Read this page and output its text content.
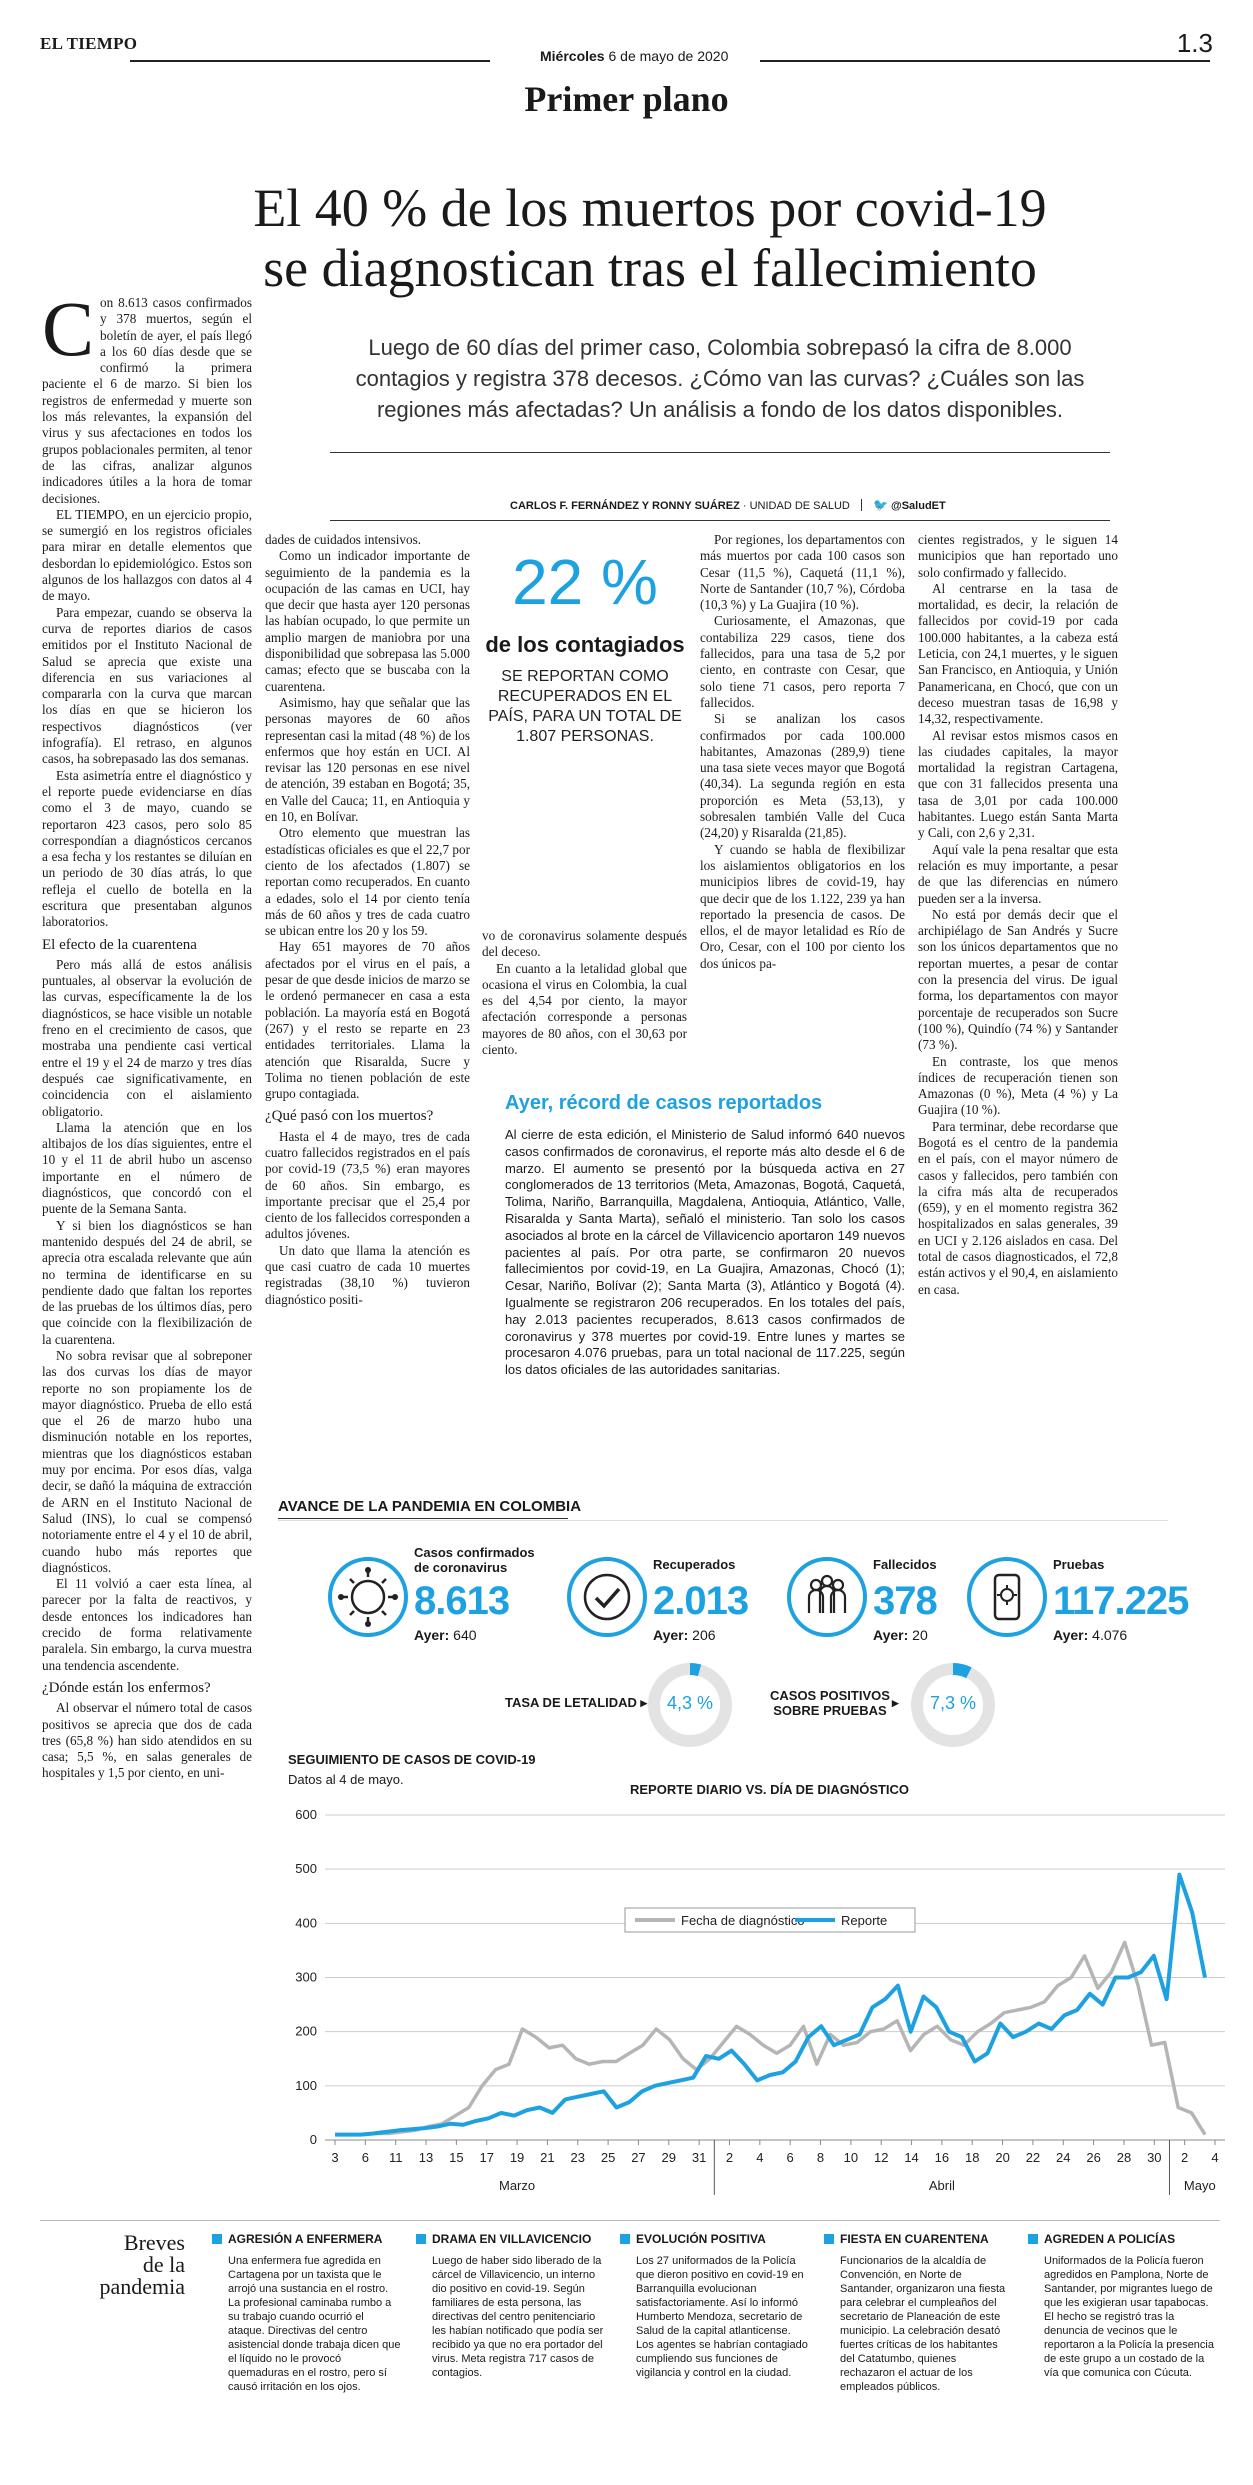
EL TIEMPO
Miércoles 6 de mayo de 2020	1.3
Primer plano
El 40 % de los muertos por covid-19
se diagnostican tras el fallecimiento
Luego de 60 días del primer caso, Colombia sobrepasó la cifra de 8.000 contagios y registra 378 decesos. ¿Cómo van las curvas? ¿Cuáles son las regiones más afectadas? Un análisis a fondo de los datos disponibles.
CARLOS F. FERNÁNDEZ Y RONNY SUÁREZ · UNIDAD DE SALUD 🐦 @SaludET

Con 8.613 casos confirmados y 378 muertos, según el boletín de ayer, el país llegó a los 60 días desde que se confirmó la primera paciente el 6 de marzo. Si bien los registros de enfermedad y muerte son los más relevantes, la expansión del virus y sus afectaciones en todos los grupos poblacionales permiten, al tenor de las cifras, analizar algunos indicadores útiles a la hora de tomar decisiones.

EL TIEMPO, en un ejercicio propio, se sumergió en los registros oficiales para mirar en detalle elementos que desbordan lo epidemiológico. Estos son algunos de los hallazgos con datos al 4 de mayo.

Para empezar, cuando se observa la curva de reportes diarios de casos emitidos por el Instituto Nacional de Salud se aprecia que existe una diferencia en sus variaciones al compararla con la curva que marcan los días en que se hicieron los respectivos diagnósticos (ver infografía). El retraso, en algunos casos, ha sobrepasado las dos semanas.

Esta asimetría entre el diagnóstico y el reporte puede evidenciarse en días como el 3 de mayo, cuando se reportaron 423 casos, pero solo 85 correspondían a diagnósticos cercanos a esa fecha y los restantes se diluían en un periodo de 30 días atrás, lo que refleja el cuello de botella en la escritura que presentaban algunos laboratorios.

El efecto de la cuarentena

Pero más allá de estos análisis puntuales, al observar la evolución de las curvas, específicamente la de los diagnósticos, se hace visible un notable freno en el crecimiento de casos, que mostraba una pendiente casi vertical entre el 19 y el 24 de marzo y tres días después cae significativamente, en coincidencia con el aislamiento obligatorio.

Llama la atención que en los altibajos de los días siguientes, entre el 10 y el 11 de abril hubo un ascenso importante en el número de diagnósticos, que concordó con el puente de la Semana Santa.

Y si bien los diagnósticos se han mantenido después del 24 de abril, se aprecia otra escalada relevante que aún no termina de identificarse en su pendiente dado que faltan los reportes de las pruebas de los últimos días, pero que coincide con la flexibilización de la cuarentena.

No sobra revisar que al sobreponer las dos curvas los días de mayor reporte no son propiamente los de mayor diagnóstico. Prueba de ello está que el 26 de marzo hubo una disminución notable en los reportes, mientras que los diagnósticos estaban muy por encima. Por esos días, valga decir, se dañó la máquina de extracción de ARN en el Instituto Nacional de Salud (INS), lo cual se compensó notoriamente entre el 4 y el 10 de abril, cuando hubo más reportes que diagnósticos.

El 11 volvió a caer esta línea, al parecer por la falta de reactivos, y desde entonces los indicadores han crecido de forma relativamente paralela. Sin embargo, la curva muestra una tendencia ascendente.

¿Dónde están los enfermos?

Al observar el número total de casos positivos se aprecia que dos de cada tres (65,8 %) han sido atendidos en su casa; 5,5 %, en salas generales de hospitales y 1,5 por ciento, en uni-

dades de cuidados intensivos.

Como un indicador importante de seguimiento de la pandemia es la ocupación de las camas en UCI, hay que decir que hasta ayer 120 personas las habían ocupado, lo que permite un amplio margen de maniobra por una disponibilidad que sobrepasa las 5.000 camas; efecto que se buscaba con la cuarentena.

Asimismo, hay que señalar que las personas mayores de 60 años representan casi la mitad (48 %) de los enfermos que hoy están en UCI. Al revisar las 120 personas en ese nivel de atención, 39 estaban en Bogotá; 35, en Valle del Cauca; 11, en Antioquia y en 10, en Bolívar.

Otro elemento que muestran las estadísticas oficiales es que el 22,7 por ciento de los afectados (1.807) se reportan como recuperados. En cuanto a edades, solo el 14 por ciento tenía más de 60 años y tres de cada cuatro se ubican entre los 20 y los 59.

Hay 651 mayores de 70 años afectados por el virus en el país, a pesar de que desde inicios de marzo se le ordenó permanecer en casa a esta población. La mayoría está en Bogotá (267) y el resto se reparte en 23 entidades territoriales. Llama la atención que Risaralda, Sucre y Tolima no tienen población de este grupo contagiada.

¿Qué pasó con los muertos?

Hasta el 4 de mayo, tres de cada cuatro fallecidos registrados en el país por covid-19 (73,5 %) eran mayores de 60 años. Sin embargo, es importante precisar que el 25,4 por ciento de los fallecidos corresponden a adultos jóvenes.

Un dato que llama la atención es que casi cuatro de cada 10 muertes registradas (38,10 %) tuvieron diagnóstico positi-

22 %
de los contagiados
SE REPORTAN COMO RECUPERADOS EN EL PAÍS, PARA UN TOTAL DE 1.807 PERSONAS.

vo de coronavirus solamente después del deceso.

En cuanto a la letalidad global que ocasiona el virus en Colombia, la cual es del 4,54 por ciento, la mayor afectación corresponde a personas mayores de 80 años, con el 30,63 por ciento.

Por regiones, los departamentos con más muertos por cada 100 casos son Cesar (11,5 %), Caquetá (11,1 %), Norte de Santander (10,7 %), Córdoba (10,3 %) y La Guajira (10 %).

Curiosamente, el Amazonas, que contabiliza 229 casos, tiene dos fallecidos, para una tasa de 5,2 por ciento, en contraste con Cesar, que solo tiene 71 casos, pero reporta 7 fallecidos.

Si se analizan los casos confirmados por cada 100.000 habitantes, Amazonas (289,9) tiene una tasa siete veces mayor que Bogotá (40,34). La segunda región en esta proporción es Meta (53,13), y sobresalen también Valle del Cuca (24,20) y Risaralda (21,85).

Y cuando se habla de flexibilizar los aislamientos obligatorios en los municipios libres de covid-19, hay que decir que de los 1.122, 239 ya han reportado la presencia de casos. De ellos, el de mayor letalidad es Río de Oro, Cesar, con el 100 por ciento los dos únicos pa-

cientes registrados, y le siguen 14 municipios que han reportado uno solo confirmado y fallecido.

Al centrarse en la tasa de mortalidad, es decir, la relación de fallecidos por covid-19 por cada 100.000 habitantes, a la cabeza está Leticia, con 24,1 muertes, y le siguen San Francisco, en Antioquia, y Unión Panamericana, en Chocó, que con un deceso muestran tasas de 16,98 y 14,32, respectivamente.

Al revisar estos mismos casos en las ciudades capitales, la mayor mortalidad la registran Cartagena, que con 31 fallecidos presenta una tasa de 3,01 por cada 100.000 habitantes. Luego están Santa Marta y Cali, con 2,6 y 2,31.

Aquí vale la pena resaltar que esta relación es muy importante, a pesar de que las diferencias en número pueden ser a la inversa.

No está por demás decir que el archipiélago de San Andrés y Sucre son los únicos departamentos que no reportan muertes, a pesar de contar con la presencia del virus. De igual forma, los departamentos con mayor porcentaje de recuperados son Sucre (100 %), Quindío (74 %) y Santander (73 %).

En contraste, los que menos índices de recuperación tienen son Amazonas (0 %), Meta (4 %) y La Guajira (10 %).

Para terminar, debe recordarse que Bogotá es el centro de la pandemia en el país, con el mayor número de casos y fallecidos, pero también con la cifra más alta de recuperados (659), y en el momento registra 362 hospitalizados en salas generales, 39 en UCI y 2.126 aislados en casa. Del total de casos diagnosticados, el 72,8 están activos y el 90,4, en aislamiento en casa.

Ayer, récord de casos reportados
Al cierre de esta edición, el Ministerio de Salud informó 640 nuevos casos confirmados de coronavirus, el reporte más alto desde el 6 de marzo. El aumento se presentó por la búsqueda activa en 27 conglomerados de 13 territorios (Meta, Amazonas, Bogotá, Caquetá, Tolima, Nariño, Barranquilla, Magdalena, Antioquia, Atlántico, Valle, Risaralda y Santa Marta), señaló el ministerio. Tan solo los casos asociados al brote en la cárcel de Villavicencio aportaron 149 nuevos pacientes al país. Por otra parte, se confirmaron 20 nuevos fallecimientos por covid-19, en La Guajira, Amazonas, Chocó (1); Cesar, Nariño, Bolívar (2); Santa Marta (3), Atlántico y Bogotá (4). Igualmente se registraron 206 recuperados. En los totales del país, hay 2.013 pacientes recuperados, 8.613 casos confirmados de coronavirus y 378 muertes por covid-19. Entre lunes y martes se procesaron 4.076 pruebas, para un total nacional de 117.225, según los datos oficiales de las autoridades sanitarias.
AVANCE DE LA PANDEMIA EN COLOMBIA
Casos confirmados de coronavirus
8.613
Ayer: 640
Recuperados
2.013
Ayer: 206
Fallecidos
378
Ayer: 20
Pruebas
117.225
Ayer: 4.076
TASA DE LETALIDAD ▸	4,3 %	CASOS POSITIVOS
SOBRE PRUEBAS
▸	7,3 %
SEGUIMIENTO DE CASOS DE COVID-19
Datos al 4 de mayo.
REPORTE DIARIO VS. DÍA DE DIAGNÓSTICO
0
100
200
300
400
500
600
3 6 11 13 15 17 19 21 23 25 27 29 31 2 4 6 8 10 12 14 16 18 20 22 24 26 28 30 2 4
Marzo	Abril	Mayo
Fecha de diagnóstico	Reporte
Breves
de la
pandemia
AGRESIÓN A ENFERMERA
Una enfermera fue agredida en Cartagena por un taxista que le arrojó una sustancia en el rostro. La profesional caminaba rumbo a su trabajo cuando ocurrió el ataque. Directivas del centro asistencial donde trabaja dicen que el líquido no le provocó quemaduras en el rostro, pero sí causó irritación en los ojos.
DRAMA EN VILLAVICENCIO
Luego de haber sido liberado de la cárcel de Villavicencio, un interno dio positivo en covid-19. Según familiares de esta persona, las directivas del centro penitenciario les habían notificado que podía ser recibido ya que no era portador del virus. Meta registra 717 casos de contagios.
EVOLUCIÓN POSITIVA
Los 27 uniformados de la Policía que dieron positivo en covid-19 en Barranquilla evolucionan satisfactoriamente. Así lo informó Humberto Mendoza, secretario de Salud de la capital atlanticense. Los agentes se habrían contagiado cumpliendo sus funciones de vigilancia y control en la ciudad.
FIESTA EN CUARENTENA
Funcionarios de la alcaldía de Convención, en Norte de Santander, organizaron una fiesta para celebrar el cumpleaños del secretario de Planeación de este municipio. La celebración desató fuertes críticas de los habitantes del Catatumbo, quienes rechazaron el actuar de los empleados públicos.
AGREDEN A POLICÍAS
Uniformados de la Policía fueron agredidos en Pamplona, Norte de Santander, por migrantes luego de que les exigieran usar tapabocas. El hecho se registró tras la denuncia de vecinos que le reportaron a la Policía la presencia de este grupo a un costado de la vía que comunica con Cúcuta.
